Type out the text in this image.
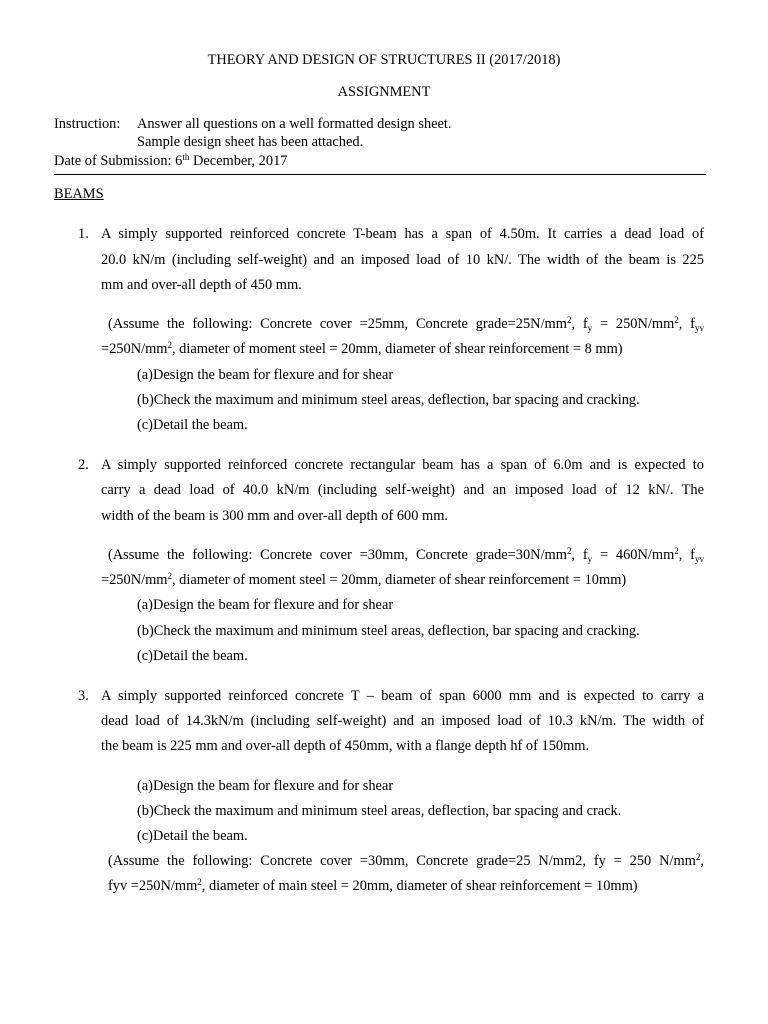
THEORY AND DESIGN OF STRUCTURES II (2017/2018)
ASSIGNMENT
Instruction: Answer all questions on a well formatted design sheet.
Sample design sheet has been attached.
Date of Submission: 6th December, 2017
BEAMS
1. A simply supported reinforced concrete T-beam has a span of 4.50m. It carries a dead load of
20.0 kN/m (including self-weight) and an imposed load of 10 kN/. The width of the beam is 225
mm and over-all depth of 450 mm.
(Assume the following: Concrete cover =25mm, Concrete $grade=25N/mm^2$, $f_y = 250N/mm^2$, $f_{yv}$
$=250N/mm^2$, diameter of moment steel = 20mm, diameter of shear reinforcement = 8 mm)
(a)Design the beam for flexure and for shear
(b)Check the maximum and minimum steel areas, deflection, bar spacing and cracking.
(c)Detail the beam.
2. A simply supported reinforced concrete rectangular beam has a span of 6.0m and is expected to
carry a dead load of 40.0 kN/m (including self-weight) and an imposed load of 12 kN/. The
width of the beam is 300 mm and over-all depth of 600 mm.
(Assume the following: Concrete cover =30mm, Concrete $grade=30N/mm^2$, $f_y = 460N/mm^2$, $f_{yv}$
$=250N/mm^2$, diameter of moment steel = 20mm, diameter of shear reinforcement = 10mm)
(a)Design the beam for flexure and for shear
(b)Check the maximum and minimum steel areas, deflection, bar spacing and cracking.
(c)Detail the beam.
3. A simply supported reinforced concrete T – beam of span 6000 mm and is expected to carry a
dead load of 14.3kN/m (including self-weight) and an imposed load of 10.3 kN/m. The width of
the beam is 225 mm and over-all depth of 450mm, with a flange depth hf of 150mm.
(a)Design the beam for flexure and for shear
(b)Check the maximum and minimum steel areas, deflection, bar spacing and crack.
(c)Detail the beam.
(Assume the following: Concrete cover =30mm, Concrete grade=25 N/mm2, fy = 250 $N/mm^2$,
fyv $=250N/mm^2$, diameter of main steel = 20mm, diameter of shear reinforcement = 10mm)
